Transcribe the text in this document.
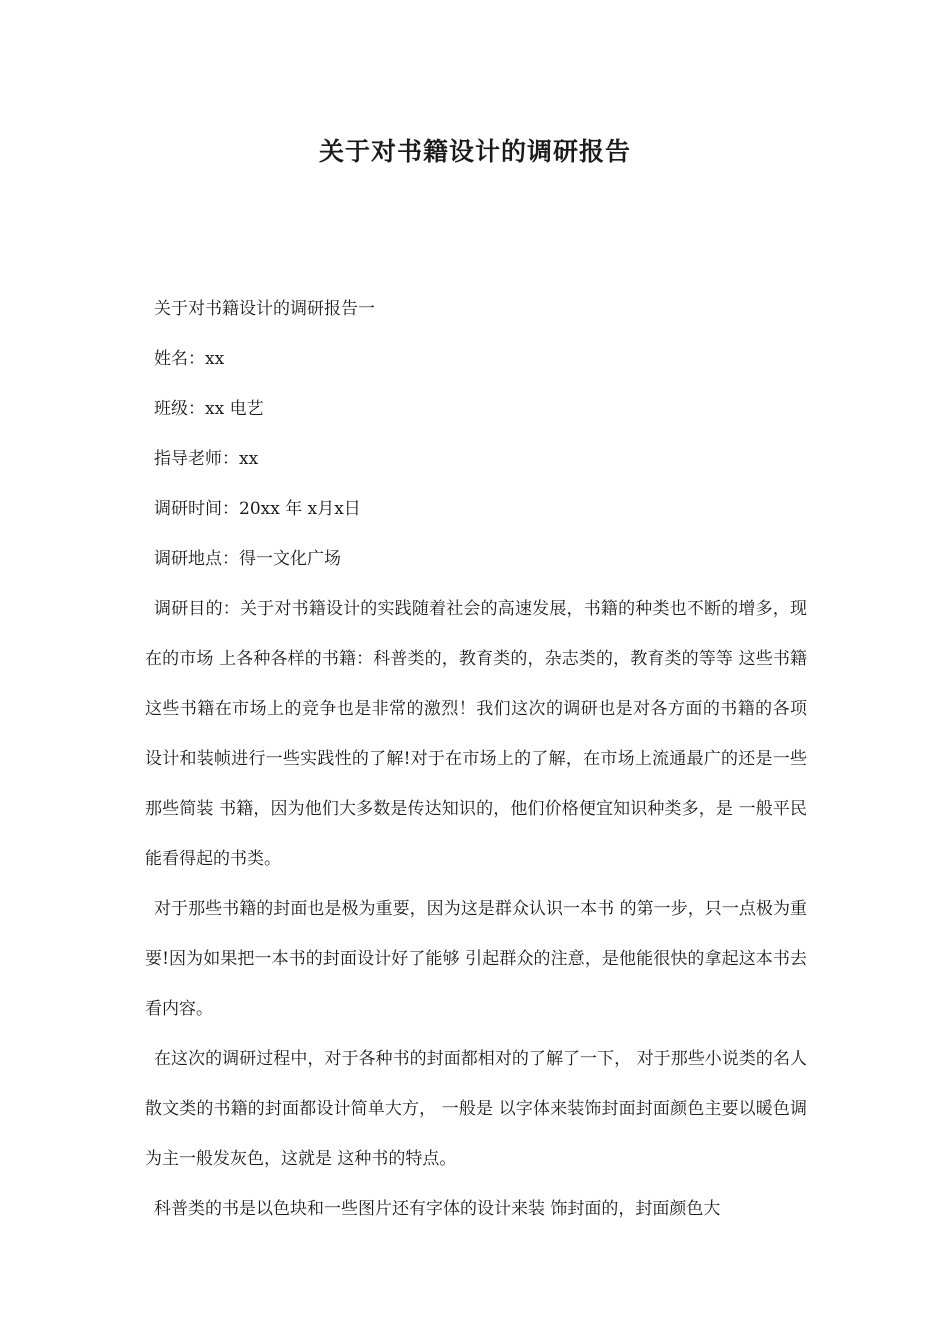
关于对书籍设计的调研报告

关于对书籍设计的调研报告一

姓名：xx

班级：xx 电艺

指导老师：xx

调研时间：20xx 年 x月x日

调研地点：得一文化广场

调研目的：关于对书籍设计的实践随着社会的高速发展，书籍的种类也不断的增多，现在的市场 上各种各样的书籍：科普类的，教育类的，杂志类的，教育类的等等 这些书籍这些书籍在市场上的竞争也是非常的激烈！我们这次的调研也是对各方面的书籍的各项设计和装帧进行一些实践性的了解!对于在市场上的了解，在市场上流通最广的还是一些那些简装 书籍，因为他们大多数是传达知识的，他们价格便宜知识种类多，是 一般平民能看得起的书类。

对于那些书籍的封面也是极为重要，因为这是群众认识一本书 的第一步，只一点极为重要!因为如果把一本书的封面设计好了能够 引起群众的注意，是他能很快的拿起这本书去看内容。

在这次的调研过程中，对于各种书的封面都相对的了解了一下， 对于那些小说类的名人散文类的书籍的封面都设计简单大方， 一般是 以字体来装饰封面封面颜色主要以暖色调为主一般发灰色，这就是 这种书的特点。

科普类的书是以色块和一些图片还有字体的设计来装 饰封面的，封面颜色大
